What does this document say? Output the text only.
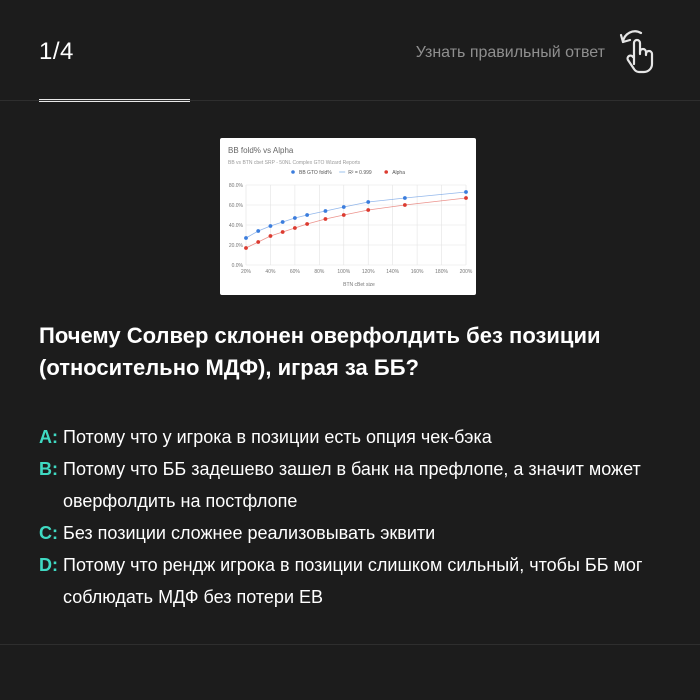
1/4	Узнать правильный ответ
BB fold% vs Alpha
BB vs BTN cbet SRP - 50NL Complex GTO Wizard Reports
BB GTO fold%	R² = 0.999	Alpha
0.0%
20.0%
40.0%
60.0%
80.0%
20%	40%	60%	80%	100% 120% 140% 160% 180% 200%
BTN cBet size
Почему Солвер склонен оверфолдить без позиции (относительно МДФ), играя за ББ?
A: Потому что у игрока в позиции есть опция чек-бэка
B: Потому что ББ задешево зашел в банк на префлопе, а значит может оверфолдить на постфлопе
C: Без позиции сложнее реализовывать эквити
D: Потому что рендж игрока в позиции слишком сильный, чтобы ББ мог соблюдать МДФ без потери EB
